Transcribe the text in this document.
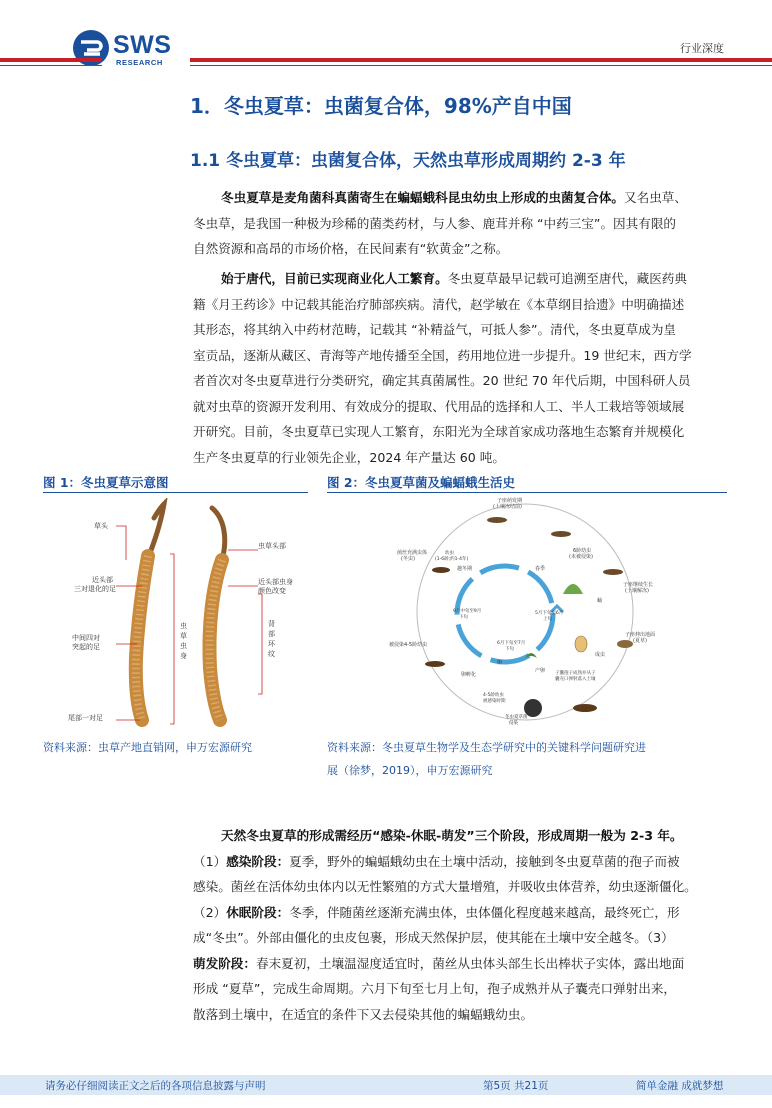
SWS
RESEARCH
行业深度
1．冬虫夏草：虫菌复合体，98%产自中国
1.1 冬虫夏草：虫菌复合体，天然虫草形成周期约 2-3 年
冬虫夏草是麦角菌科真菌寄生在蝙蝠蛾科昆虫幼虫上形成的虫菌复合体。又名虫草、
冬虫草，是我国一种极为珍稀的菌类药材，与人参、鹿茸并称 “中药三宝”。因其有限的
自然资源和高昂的市场价格，在民间素有“软黄金”之称。
始于唐代，目前已实现商业化人工繁育。冬虫夏草最早记载可追溯至唐代，藏医药典
籍《月王药诊》中记载其能治疗肺部疾病。清代，赵学敏在《本草纲目拾遗》中明确描述
其形态，将其纳入中药材范畴，记载其 “补精益气，可抵人参”。清代，冬虫夏草成为皇
室贡品，逐渐从藏区、青海等产地传播至全国，药用地位进一步提升。19 世纪末，西方学
者首次对冬虫夏草进行分类研究，确定其真菌属性。20 世纪 70 年代后期，中国科研人员
就对虫草的资源开发利用、有效成分的提取、代用品的选择和人工、半人工栽培等领域展
开研究。目前，冬虫夏草已实现人工繁育，东阳光为全球首家成功落地生态繁育并规模化
生产冬虫夏草的行业领先企业，2024 年产量达 60 吨。
图 1：冬虫夏草示意图
草头
虫草头部
近头部三对退化的足
近头部虫身颜色改变
中间四对突起的足
虫草虫身
背部环纹
尾部一对足
资料来源：虫草产地直销网，申万宏源研究
图 2：冬虫夏草菌及蝙蝠蛾生活史
子座萌发期(土壤冻结前)
越冬期	春季
6龄幼虫(未被侵染)
菌丝充满虫体(冬虫)
幼虫(1-6龄;约1-4年)
被侵染4-5龄幼虫
子座继续生长(土壤解冻)
子座伸出地面(夏草)
9月中旬至9月下旬
5月下旬至6月上旬
6月下旬至7月下旬
蛹
卵
成虫
产卵
卵孵化	子囊孢子成熟并从子囊壳口弹射落入土壤
4-5龄幼虫被感染时期
冬虫夏草菌侵染
资料来源：冬虫夏草生物学及生态学研究中的关键科学问题研究进
展（徐梦，2019），申万宏源研究
天然冬虫夏草的形成需经历“感染-休眠-萌发”三个阶段，形成周期一般为 2-3 年。
（1）感染阶段：夏季，野外的蝙蝠蛾幼虫在土壤中活动，接触到冬虫夏草菌的孢子而被
感染。菌丝在活体幼虫体内以无性繁殖的方式大量增殖，并吸收虫体营养，幼虫逐渐僵化。
（2）休眠阶段：冬季，伴随菌丝逐渐充满虫体，虫体僵化程度越来越高，最终死亡，形
成“冬虫”。外部由僵化的虫皮包裹，形成天然保护层，使其能在土壤中安全越冬。（3）
萌发阶段：春末夏初，土壤温湿度适宜时，菌丝从虫体头部生长出棒状子实体，露出地面
形成 “夏草”，完成生命周期。六月下旬至七月上旬，孢子成熟并从子囊壳口弹射出来，
散落到土壤中，在适宜的条件下又去侵染其他的蝙蝠蛾幼虫。
请务必仔细阅读正文之后的各项信息披露与声明	第5页 共21页	简单金融 成就梦想
